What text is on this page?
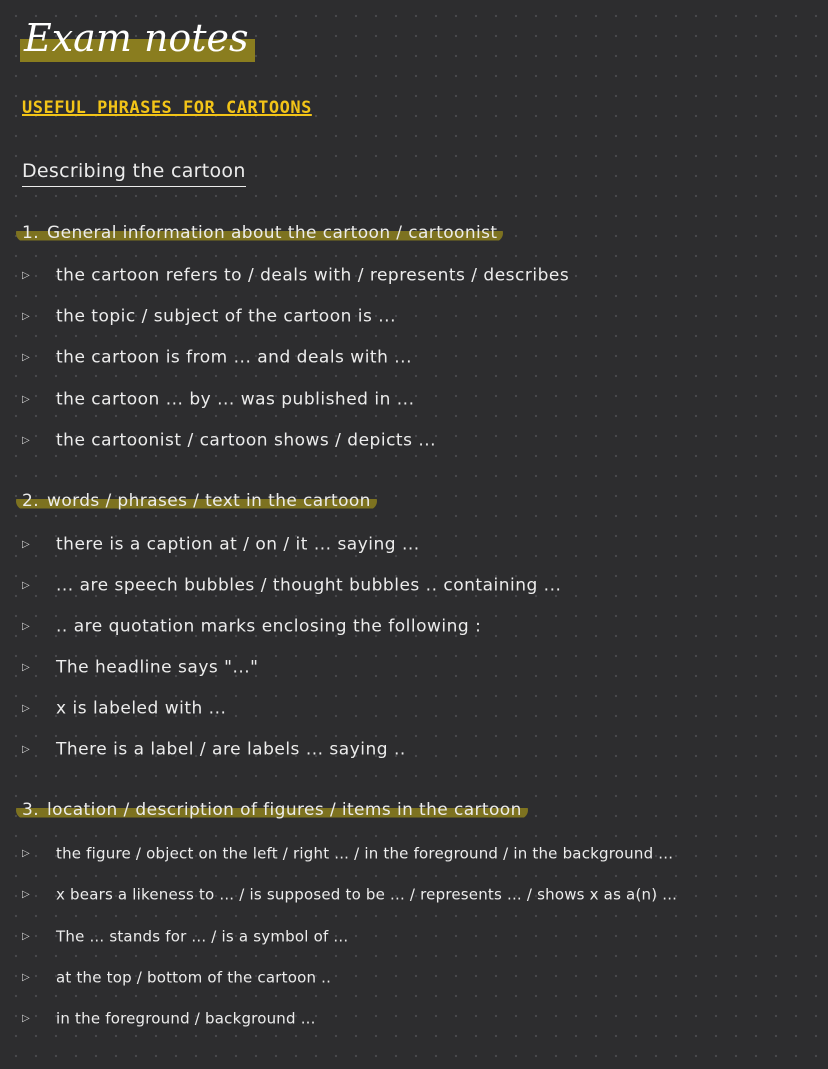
Exam notes
USEFUL PHRASES FOR CARTOONS
Describing the cartoon
1. General information about the cartoon / cartoonist
▷ the cartoon refers to / deals with / represents / describes
▷ the topic / subject of the cartoon is ...
▷ the cartoon is from ... and deals with ...
▷ the cartoon ... by ... was published in ...
▷ the cartoonist / cartoon shows / depicts ...
2. words / phrases / text in the cartoon
▷ there is a caption at / on / it ... saying ...
▷ ... are speech bubbles / thought bubbles .. containing ...
▷ .. are quotation marks enclosing the following :
▷ The headline says "..."
▷ x is labeled with ...
▷ There is a label / are labels ... saying ..
3. location / description of figures / items in the cartoon
▷ the figure / object on the left / right ... / in the foreground / in the background ...
▷ x bears a likeness to ... / is supposed to be ... / represents ... / shows x as a(n) ...
▷ The ... stands for ... / is a symbol of ...
▷ at the top / bottom of the cartoon ..
▷ in the foreground / background ...
